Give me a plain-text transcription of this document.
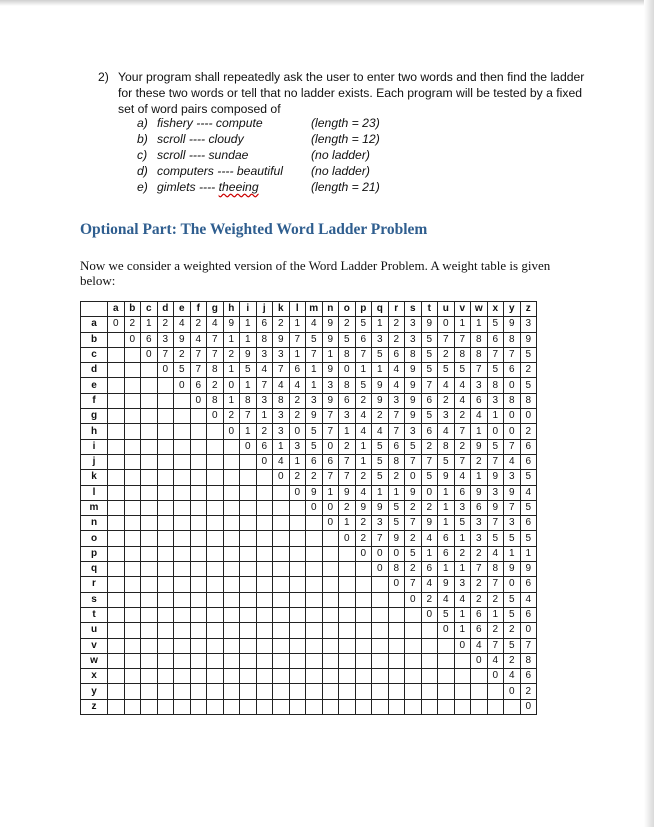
2) Your program shall repeatedly ask the user to enter two words and then find the ladder for these two words or tell that no ladder exists. Each program will be tested by a fixed set of word pairs composed of
a) fishery ---- compute	(length = 23)
b) scroll ---- cloudy	(length = 12)
c) scroll ---- sundae	(no ladder)
d) computers ---- beautiful (no ladder)
e) gimlets ---- theeing	(length = 21)
Optional Part: The Weighted Word Ladder Problem
Now we consider a weighted version of the Word Ladder Problem. A weight table is given below:
	a	b	c	d	e	f	g	h	i	j	k	l	m	n	o	p	q	r	s	t	u	v	w	x	y	z
a	0	2	1	2	4	2	4	9	1	6	2	1	4	9	2	5	1	2	3	9	0	1	1	5	9	3
b		0	6	3	9	4	7	1	1	8	9	7	5	9	5	6	3	2	3	5	7	7	8	6	8	9
c			0	7	2	7	7	2	9	3	3	1	7	1	8	7	5	6	8	5	2	8	8	7	7	5
d				0	5	7	8	1	5	4	7	6	1	9	0	1	1	4	9	5	5	5	7	5	6	2
e					0	6	2	0	1	7	4	4	1	3	8	5	9	4	9	7	4	4	3	8	0	5
f						0	8	1	8	3	8	2	3	9	6	2	9	3	9	6	2	4	6	3	8	8
g							0	2	7	1	3	2	9	7	3	4	2	7	9	5	3	2	4	1	0	0
h								0	1	2	3	0	5	7	1	4	4	7	3	6	4	7	1	0	0	2
i									0	6	1	3	5	0	2	1	5	6	5	2	8	2	9	5	7	6
j										0	4	1	6	6	7	1	5	8	7	7	5	7	2	7	4	6
k											0	2	2	7	7	2	5	2	0	5	9	4	1	9	3	5
l												0	9	1	9	4	1	1	9	0	1	6	9	3	9	4
m													0	0	2	9	9	5	2	2	1	3	6	9	7	5
n														0	1	2	3	5	7	9	1	5	3	7	3	6
o															0	2	7	9	2	4	6	1	3	5	5	5
p																0	0	0	5	1	6	2	2	4	1	1
q																	0	8	2	6	1	1	7	8	9	9
r																		0	7	4	9	3	2	7	0	6
s																			0	2	4	4	2	2	5	4
t																				0	5	1	6	1	5	6
u																					0	1	6	2	2	0
v																						0	4	7	5	7
w																							0	4	2	8
x																								0	4	6
y																									0	2
z																										0
